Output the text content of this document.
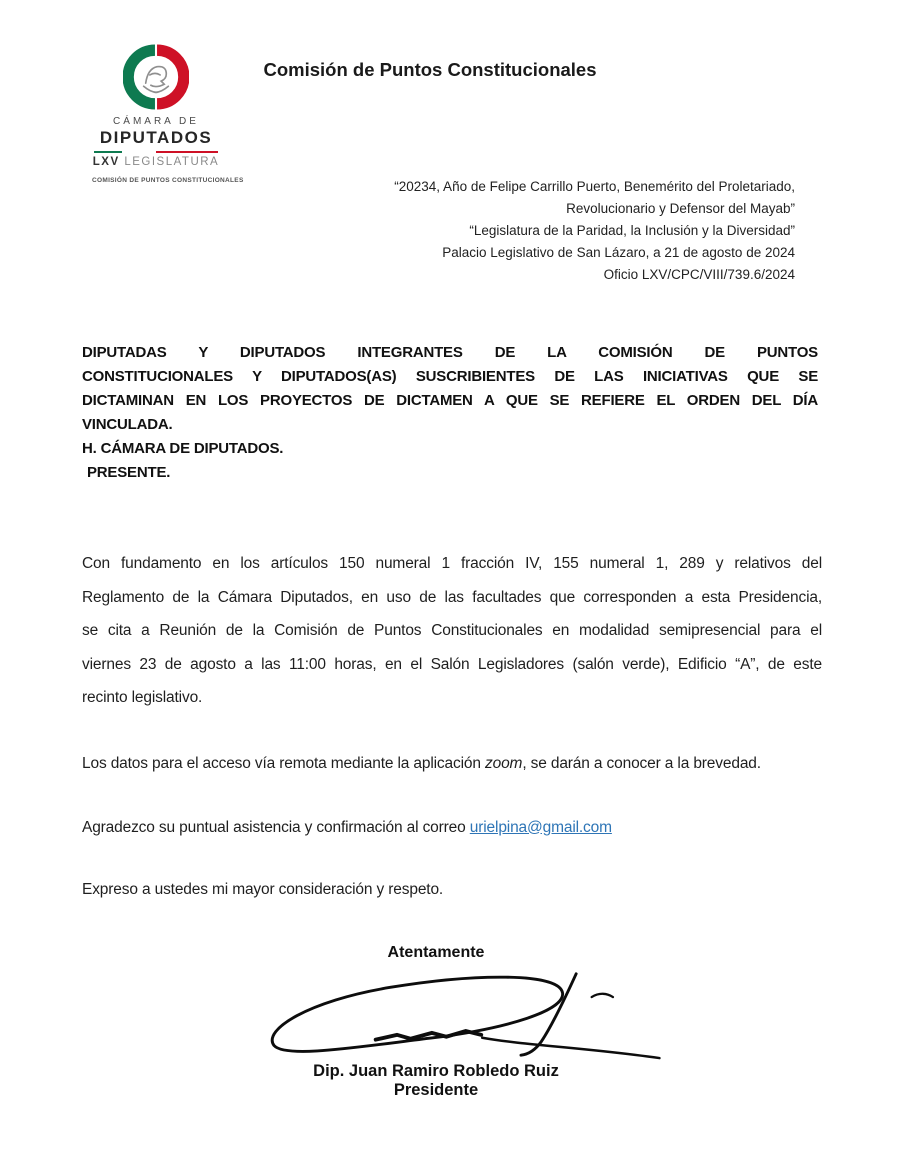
CÁMARA DE
DIPUTADOS
LXV LEGISLATURA
COMISIÓN DE PUNTOS CONSTITUCIONALES
Comisión de Puntos Constitucionales
“20234, Año de Felipe Carrillo Puerto, Benemérito del Proletariado,
Revolucionario y Defensor del Mayab”
“Legislatura de la Paridad, la Inclusión y la Diversidad”
Palacio Legislativo de San Lázaro, a 21 de agosto de 2024
Oficio LXV/CPC/VIII/739.6/2024
DIPUTADAS Y DIPUTADOS INTEGRANTES DE LA COMISIÓN DE PUNTOS
CONSTITUCIONALES Y DIPUTADOS(AS) SUSCRIBIENTES DE LAS INICIATIVAS QUE SE
DICTAMINAN EN LOS PROYECTOS DE DICTAMEN A QUE SE REFIERE EL ORDEN DEL DÍA
VINCULADA.
H. CÁMARA DE DIPUTADOS.
PRESENTE.
Con fundamento en los artículos 150 numeral 1 fracción IV, 155 numeral 1, 289 y relativos del
Reglamento de la Cámara Diputados, en uso de las facultades que corresponden a esta Presidencia,
se cita a Reunión de la Comisión de Puntos Constitucionales en modalidad semipresencial para el
viernes 23 de agosto a las 11:00 horas, en el Salón Legisladores (salón verde), Edificio “A”, de este
recinto legislativo.
Los datos para el acceso vía remota mediante la aplicación zoom, se darán a conocer a la brevedad.
Agradezco su puntual asistencia y confirmación al correo urielpina@gmail.com
Expreso a ustedes mi mayor consideración y respeto.
Atentamente
Dip. Juan Ramiro Robledo Ruiz
Presidente
